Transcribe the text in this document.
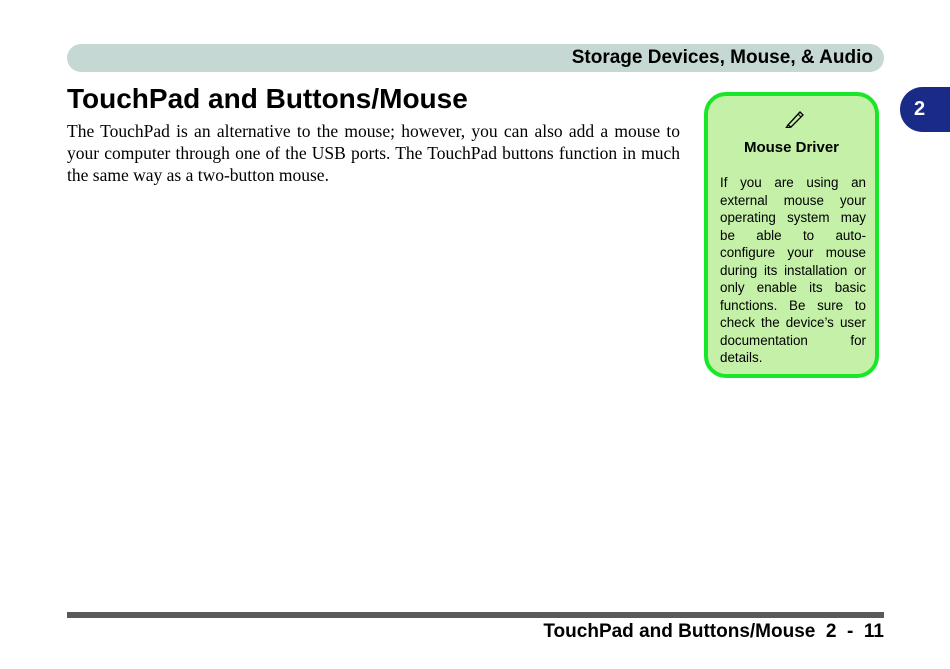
Storage Devices, Mouse, & Audio
2
TouchPad and Buttons/Mouse

The TouchPad is an alternative to the mouse; however, you can also add a mouse to your computer through one of the USB ports. The TouchPad buttons function in much the same way as a two-button mouse.

Mouse Driver

If you are using an external mouse your operating system may be able to auto-configure your mouse during its installation or only enable its basic functions. Be sure to check the device’s user documentation for details.

TouchPad and Buttons/Mouse  2  -  11
